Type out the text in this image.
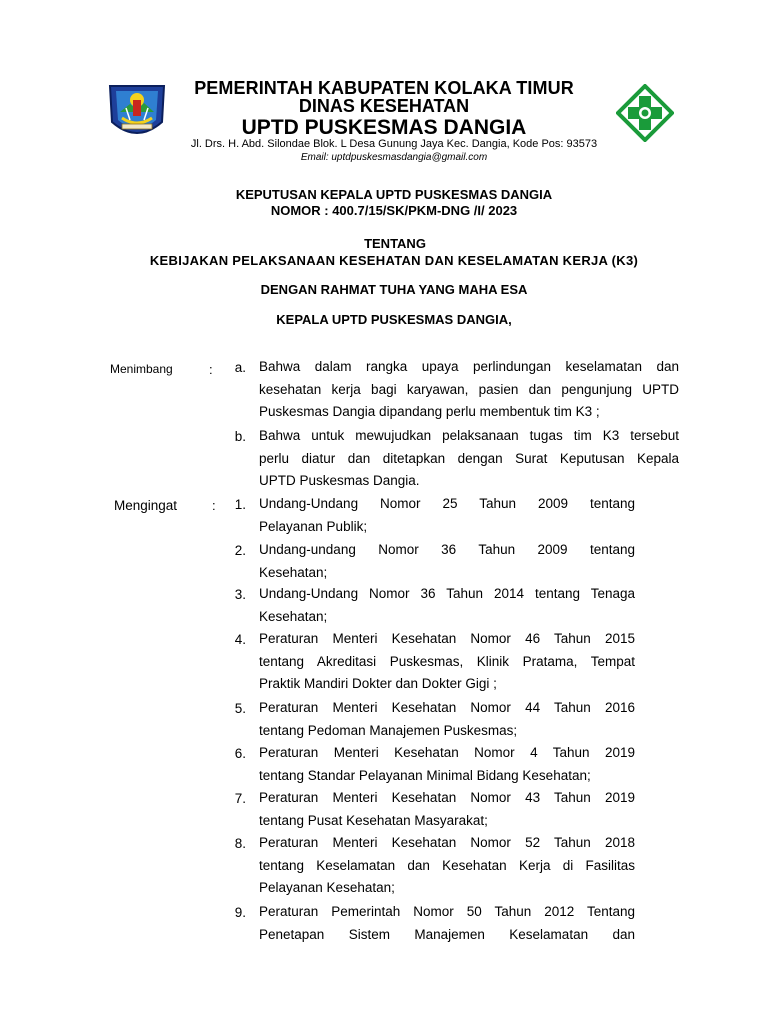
PEMERINTAH KABUPATEN KOLAKA TIMUR
DINAS KESEHATAN
UPTD PUSKESMAS DANGIA
Jl. Drs. H. Abd. Silondae Blok. L Desa Gunung Jaya Kec. Dangia, Kode Pos: 93573
Email: uptdpuskesmasdangia@gmail.com
KEPUTUSAN KEPALA UPTD PUSKESMAS DANGIA
NOMOR : 400.7/15/SK/PKM-DNG /I/ 2023
TENTANG
KEBIJAKAN PELAKSANAAN KESEHATAN DAN KESELAMATAN KERJA (K3)
DENGAN RAHMAT TUHA YANG MAHA ESA
KEPALA UPTD PUSKESMAS DANGIA,
Menimbang	:	a. Bahwa dalam rangka upaya perlindungan keselamatan dan
kesehatan kerja bagi karyawan, pasien dan pengunjung UPTD
Puskesmas Dangia dipandang perlu membentuk tim K3 ;
b. Bahwa untuk mewujudkan pelaksanaan tugas tim K3 tersebut
perlu diatur dan ditetapkan dengan Surat Keputusan Kepala
UPTD Puskesmas Dangia.
Mengingat	:	1. Undang-Undang Nomor 25 Tahun 2009 tentang
Pelayanan Publik;
2. Undang-undang Nomor 36 Tahun 2009 tentang
Kesehatan;
3. Undang-Undang Nomor 36 Tahun 2014 tentang Tenaga
Kesehatan;
4. Peraturan Menteri Kesehatan Nomor 46 Tahun 2015
tentang Akreditasi Puskesmas, Klinik Pratama, Tempat
Praktik Mandiri Dokter dan Dokter Gigi ;
5. Peraturan Menteri Kesehatan Nomor 44 Tahun 2016
tentang Pedoman Manajemen Puskesmas;
6. Peraturan Menteri Kesehatan Nomor 4 Tahun 2019
tentang Standar Pelayanan Minimal Bidang Kesehatan;
7. Peraturan Menteri Kesehatan Nomor 43 Tahun 2019
tentang Pusat Kesehatan Masyarakat;
8. Peraturan Menteri Kesehatan Nomor 52 Tahun 2018
tentang Keselamatan dan Kesehatan Kerja di Fasilitas
Pelayanan Kesehatan;
9. Peraturan Pemerintah Nomor 50 Tahun 2012 Tentang
Penetapan Sistem Manajemen Keselamatan dan
